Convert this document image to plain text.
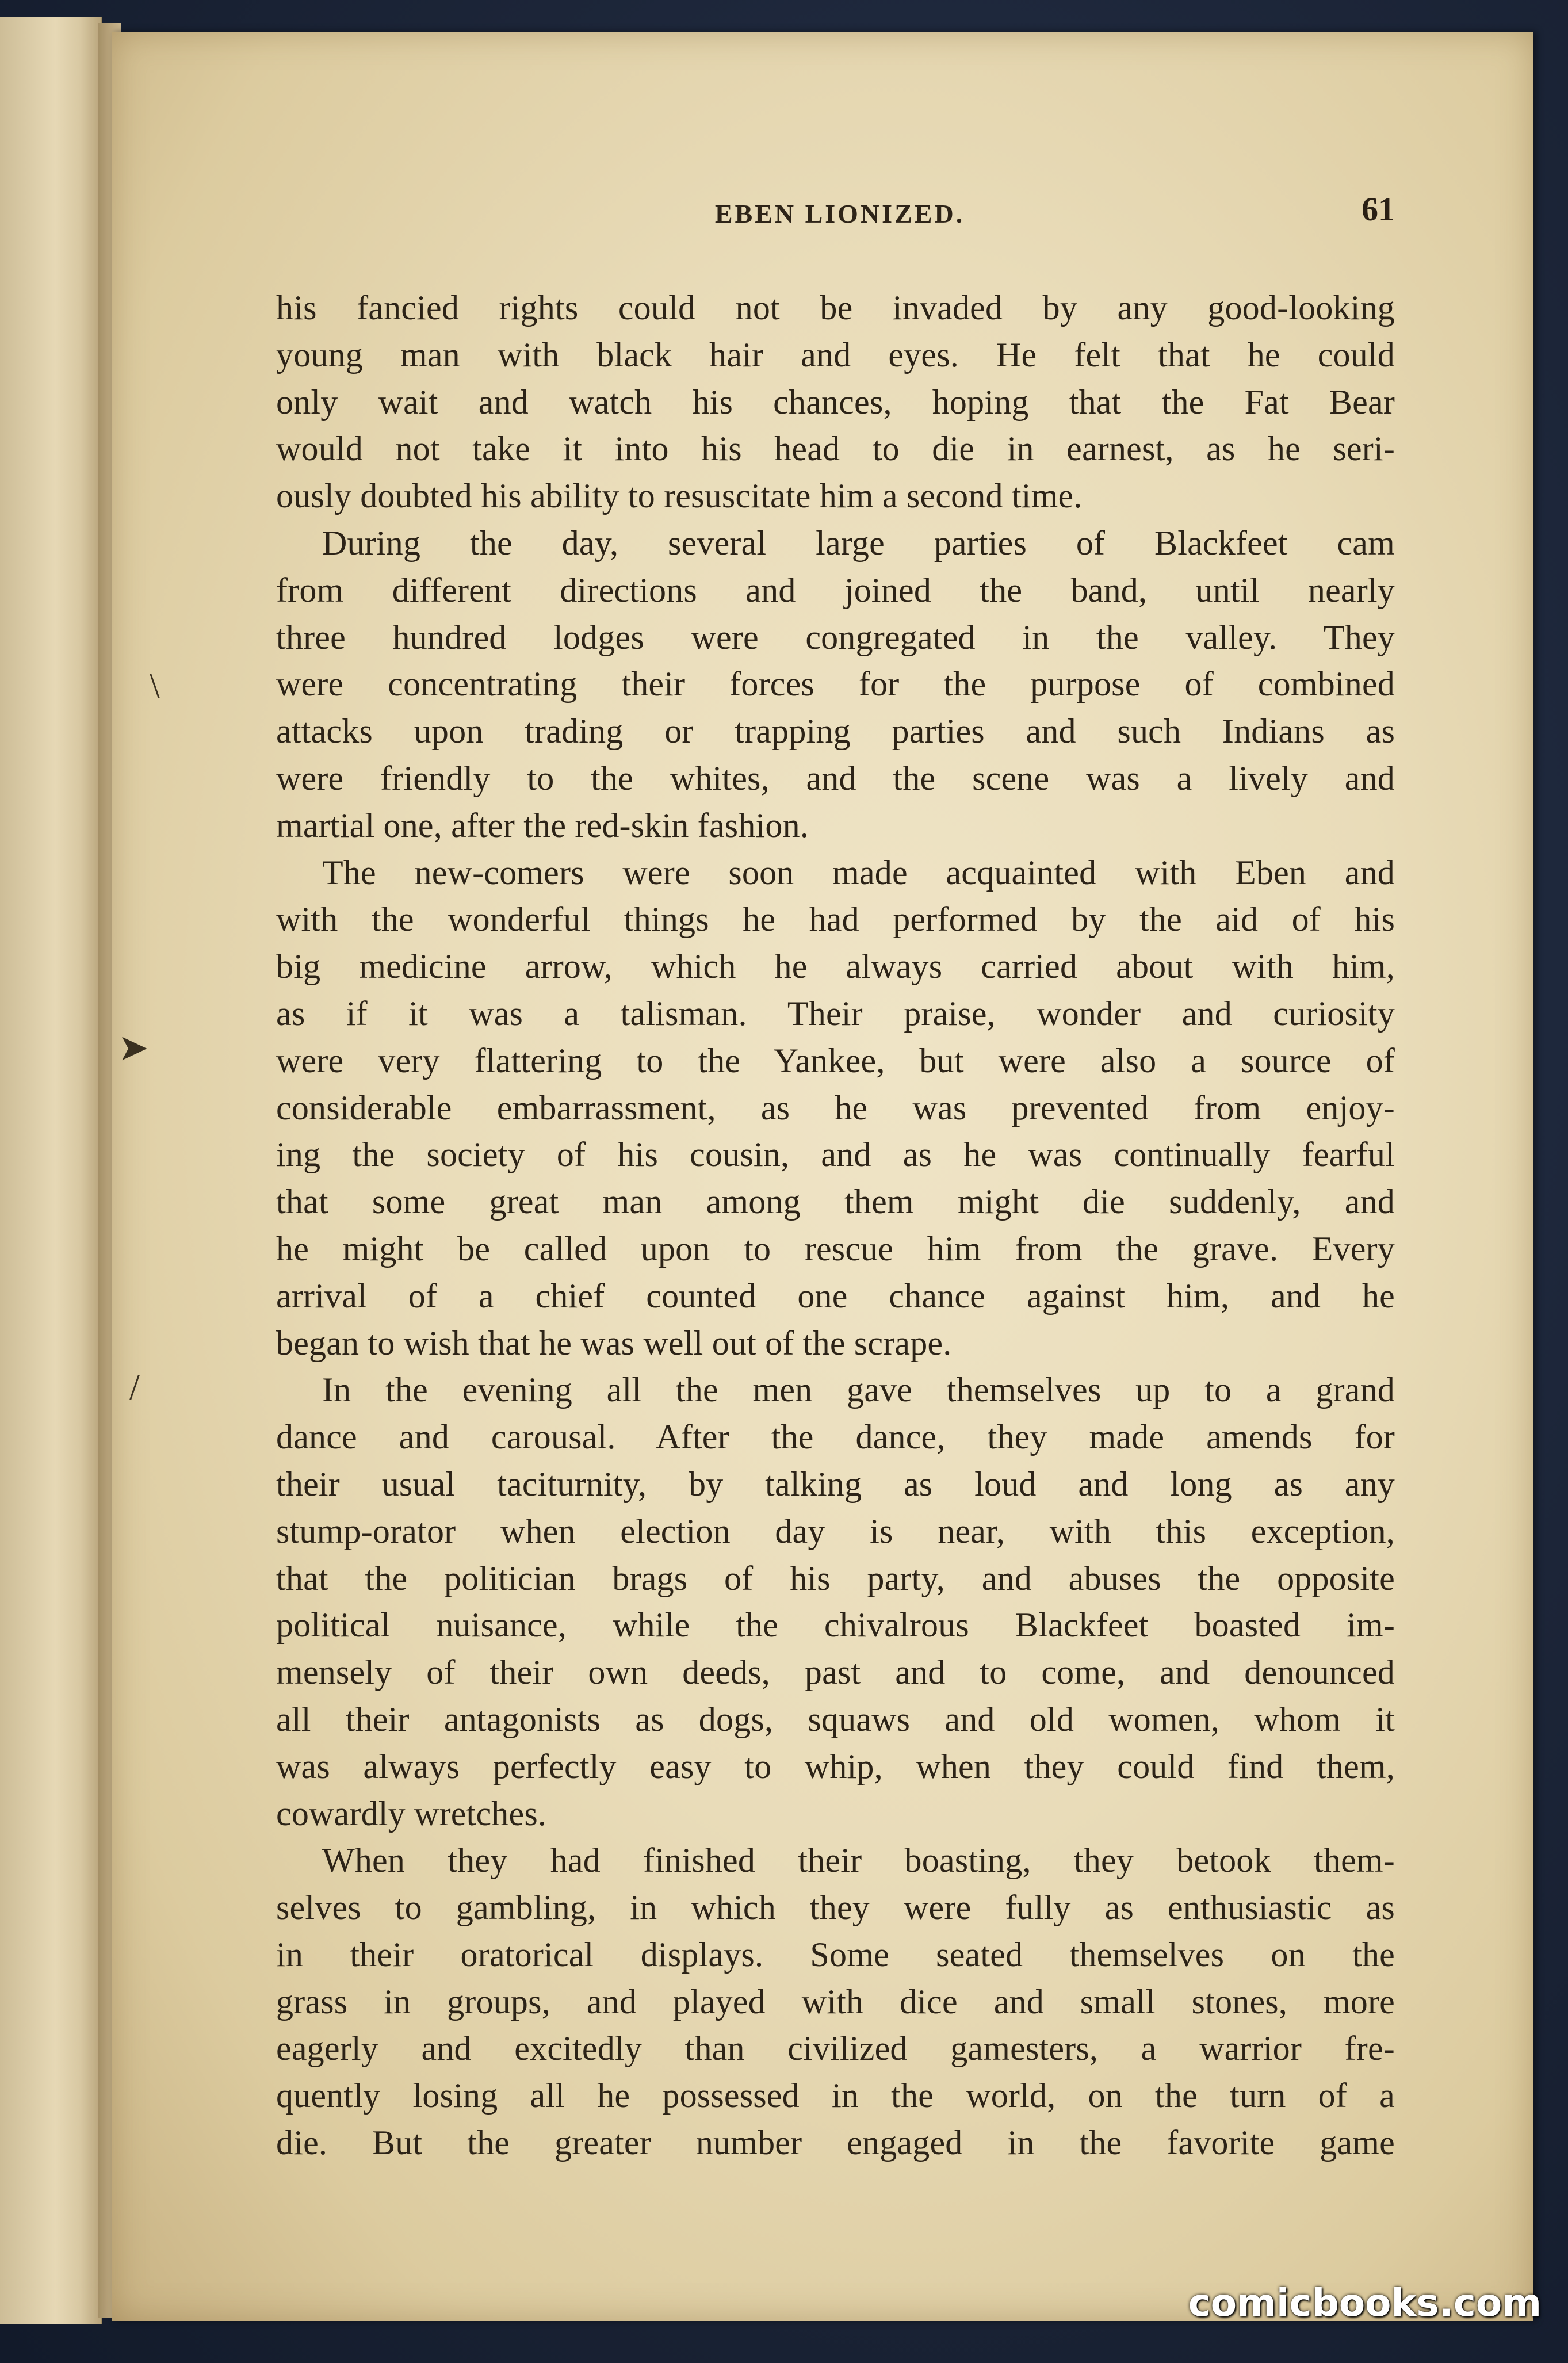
EBEN LIONIZED.	61
\
➤
/

his fancied rights could not be invaded by any good-looking
young man with black hair and eyes. He felt that he could
only wait and watch his chances, hoping that the Fat Bear
would not take it into his head to die in earnest, as he seri-
ously doubted his ability to resuscitate him a second time.

During the day, several large parties of Blackfeet cam
from different directions and joined the band, until nearly
three hundred lodges were congregated in the valley. They
were concentrating their forces for the purpose of combined
attacks upon trading or trapping parties and such Indians as
were friendly to the whites, and the scene was a lively and
martial one, after the red-skin fashion.

The new-comers were soon made acquainted with Eben and
with the wonderful things he had performed by the aid of his
big medicine arrow, which he always carried about with him,
as if it was a talisman. Their praise, wonder and curiosity
were very flattering to the Yankee, but were also a source of
considerable embarrassment, as he was prevented from enjoy-
ing the society of his cousin, and as he was continually fearful
that some great man among them might die suddenly, and
he might be called upon to rescue him from the grave. Every
arrival of a chief counted one chance against him, and he
began to wish that he was well out of the scrape.

In the evening all the men gave themselves up to a grand
dance and carousal. After the dance, they made amends for
their usual taciturnity, by talking as loud and long as any
stump-orator when election day is near, with this exception,
that the politician brags of his party, and abuses the opposite
political nuisance, while the chivalrous Blackfeet boasted im-
mensely of their own deeds, past and to come, and denounced
all their antagonists as dogs, squaws and old women, whom it
was always perfectly easy to whip, when they could find them,
cowardly wretches.

When they had finished their boasting, they betook them-
selves to gambling, in which they were fully as enthusiastic as
in their oratorical displays. Some seated themselves on the
grass in groups, and played with dice and small stones, more
eagerly and excitedly than civilized gamesters, a warrior fre-
quently losing all he possessed in the world, on the turn of a
die. But the greater number engaged in the favorite game

comicbooks.com
